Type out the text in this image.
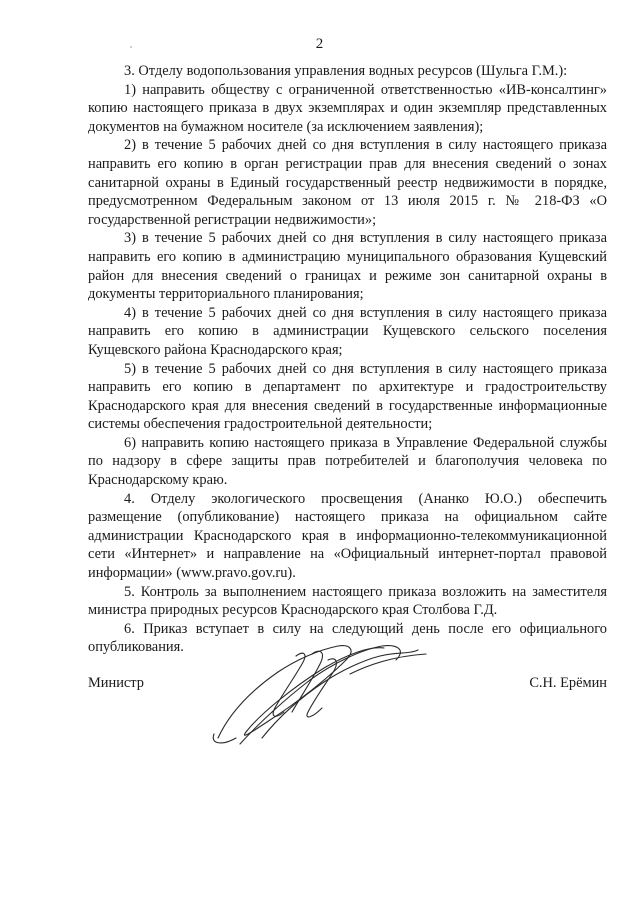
2

3. Отделу водопользования управления водных ресурсов (Шульга Г.М.):

1) направить обществу с ограниченной ответственностью «ИВ-консалтинг» копию настоящего приказа в двух экземплярах и один экземпляр представленных документов на бумажном носителе (за исключением заявления);

2) в течение 5 рабочих дней со дня вступления в силу настоящего приказа направить его копию в орган регистрации прав для внесения сведений о зонах санитарной охраны в Единый государственный реестр недвижимости в порядке, предусмотренном Федеральным законом от 13 июля 2015 г. № 218-ФЗ «О государственной регистрации недвижимости»;

3) в течение 5 рабочих дней со дня вступления в силу настоящего приказа направить его копию в администрацию муниципального образования Кущевский район для внесения сведений о границах и режиме зон санитарной охраны в документы территориального планирования;

4) в течение 5 рабочих дней со дня вступления в силу настоящего приказа направить его копию в администрации Кущевского сельского поселения Кущевского района Краснодарского края;

5) в течение 5 рабочих дней со дня вступления в силу настоящего приказа направить его копию в департамент по архитектуре и градостроительству Краснодарского края для внесения сведений в государственные информационные системы обеспечения градостроительной деятельности;

6) направить копию настоящего приказа в Управление Федеральной службы по надзору в сфере защиты прав потребителей и благополучия человека по Краснодарскому краю.

4. Отделу экологического просвещения (Ананко Ю.О.) обеспечить размещение (опубликование) настоящего приказа на официальном сайте администрации Краснодарского края в информационно-телекоммуникационной сети «Интернет» и направление на «Официальный интернет-портал правовой информации» (www.pravo.gov.ru).

5. Контроль за выполнением настоящего приказа возложить на заместителя министра природных ресурсов Краснодарского края Столбова Г.Д.

6. Приказ вступает в силу на следующий день после его официального опубликования.

Министр	С.Н. Ерёмин
